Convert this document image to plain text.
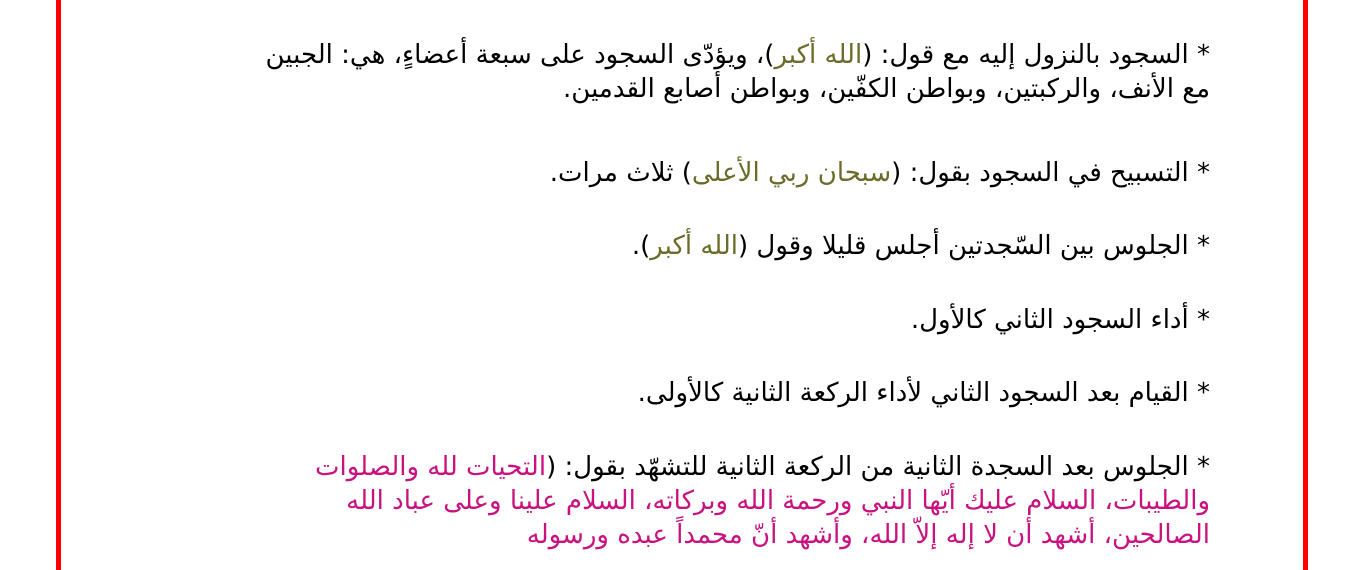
* السجود بالنزول إليه مع قول: (الله أكبر)، ويؤدّى السجود على سبعة أعضاءٍ، هي: الجبين
مع الأنف، والركبتين، وبواطن الكفّين، وبواطن أصابع القدمين.

* التسبيح في السجود بقول: (سبحان ربي الأعلى) ثلاث مرات.

* الجلوس بين السّجدتين أجلس قليلا وقول (الله أكبر).

* أداء السجود الثاني كالأول.

* القيام بعد السجود الثاني لأداء الركعة الثانية كالأولى.

* الجلوس بعد السجدة الثانية من الركعة الثانية للتشهّد بقول: (التحيات لله والصلوات
والطيبات، السلام عليك أيّها النبي ورحمة الله وبركاته، السلام علينا وعلى عباد الله
الصالحين، أشهد أن لا إله إلاّ الله، وأشهد أنّ محمداً عبده ورسوله
